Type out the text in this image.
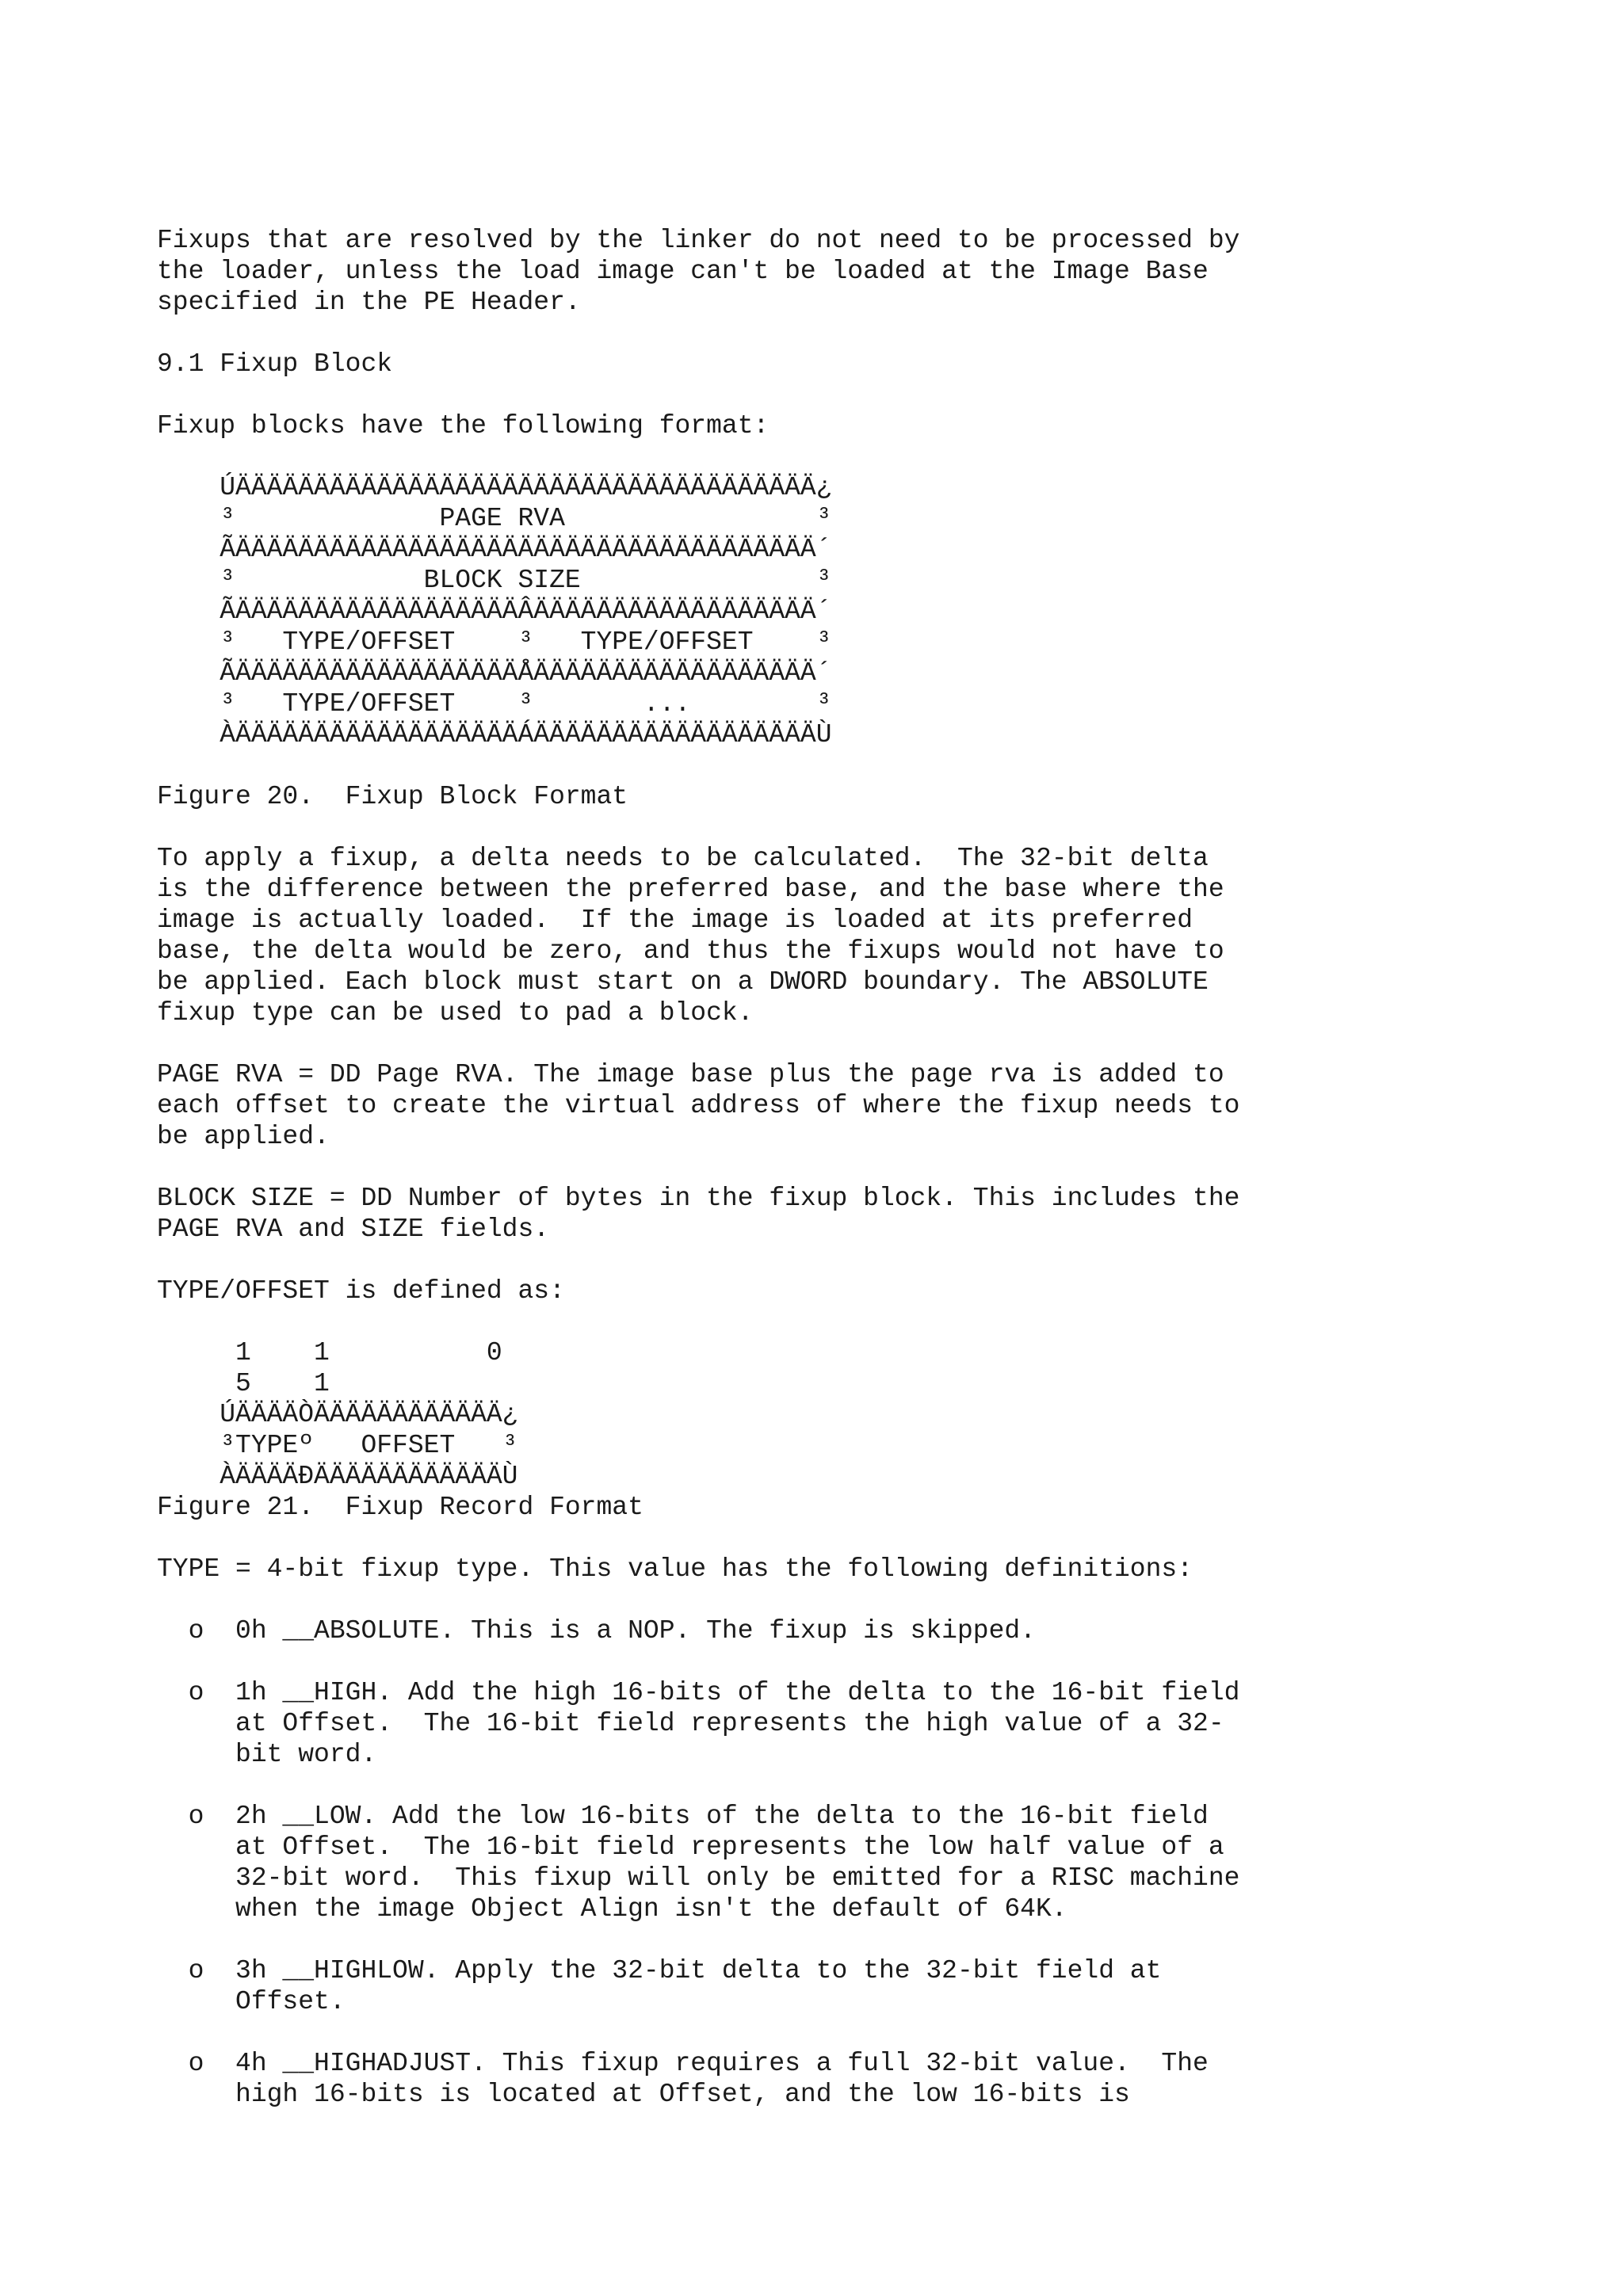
Fixups that are resolved by the linker do not need to be processed by
the loader, unless the load image can't be loaded at the Image Base
specified in the PE Header.
9.1 Fixup Block
Fixup blocks have the following format:
ÚÄÄÄÄÄÄÄÄÄÄÄÄÄÄÄÄÄÄÄÄÄÄÄÄÄÄÄÄÄÄÄÄÄÄÄÄÄ¿
³             PAGE RVA                ³
ÃÄÄÄÄÄÄÄÄÄÄÄÄÄÄÄÄÄÄÄÄÄÄÄÄÄÄÄÄÄÄÄÄÄÄÄÄÄ´
³            BLOCK SIZE               ³
ÃÄÄÄÄÄÄÄÄÄÄÄÄÄÄÄÄÄÄÂÄÄÄÄÄÄÄÄÄÄÄÄÄÄÄÄÄÄ´
³   TYPE/OFFSET    ³   TYPE/OFFSET    ³
ÃÄÄÄÄÄÄÄÄÄÄÄÄÄÄÄÄÄÄÅÄÄÄÄÄÄÄÄÄÄÄÄÄÄÄÄÄÄ´
³   TYPE/OFFSET    ³       ...        ³
ÀÄÄÄÄÄÄÄÄÄÄÄÄÄÄÄÄÄÄÁÄÄÄÄÄÄÄÄÄÄÄÄÄÄÄÄÄÄÙ
Figure 20.  Fixup Block Format
To apply a fixup, a delta needs to be calculated.  The 32-bit delta
is the difference between the preferred base, and the base where the
image is actually loaded.  If the image is loaded at its preferred
base, the delta would be zero, and thus the fixups would not have to
be applied. Each block must start on a DWORD boundary. The ABSOLUTE
fixup type can be used to pad a block.
PAGE RVA = DD Page RVA. The image base plus the page rva is added to
each offset to create the virtual address of where the fixup needs to
be applied.
BLOCK SIZE = DD Number of bytes in the fixup block. This includes the
PAGE RVA and SIZE fields.
TYPE/OFFSET is defined as:
1    1          0
5    1
ÚÄÄÄÄÒÄÄÄÄÄÄÄÄÄÄÄÄ¿
³TYPEº   OFFSET   ³
ÀÄÄÄÄÐÄÄÄÄÄÄÄÄÄÄÄÄÙ
Figure 21.  Fixup Record Format
TYPE = 4-bit fixup type. This value has the following definitions:
o  0h __ABSOLUTE. This is a NOP. The fixup is skipped.
o  1h __HIGH. Add the high 16-bits of the delta to the 16-bit field
at Offset.  The 16-bit field represents the high value of a 32-
bit word.
o  2h __LOW. Add the low 16-bits of the delta to the 16-bit field
at Offset.  The 16-bit field represents the low half value of a
32-bit word.  This fixup will only be emitted for a RISC machine
when the image Object Align isn't the default of 64K.
o  3h __HIGHLOW. Apply the 32-bit delta to the 32-bit field at
Offset.
o  4h __HIGHADJUST. This fixup requires a full 32-bit value.  The
high 16-bits is located at Offset, and the low 16-bits is
